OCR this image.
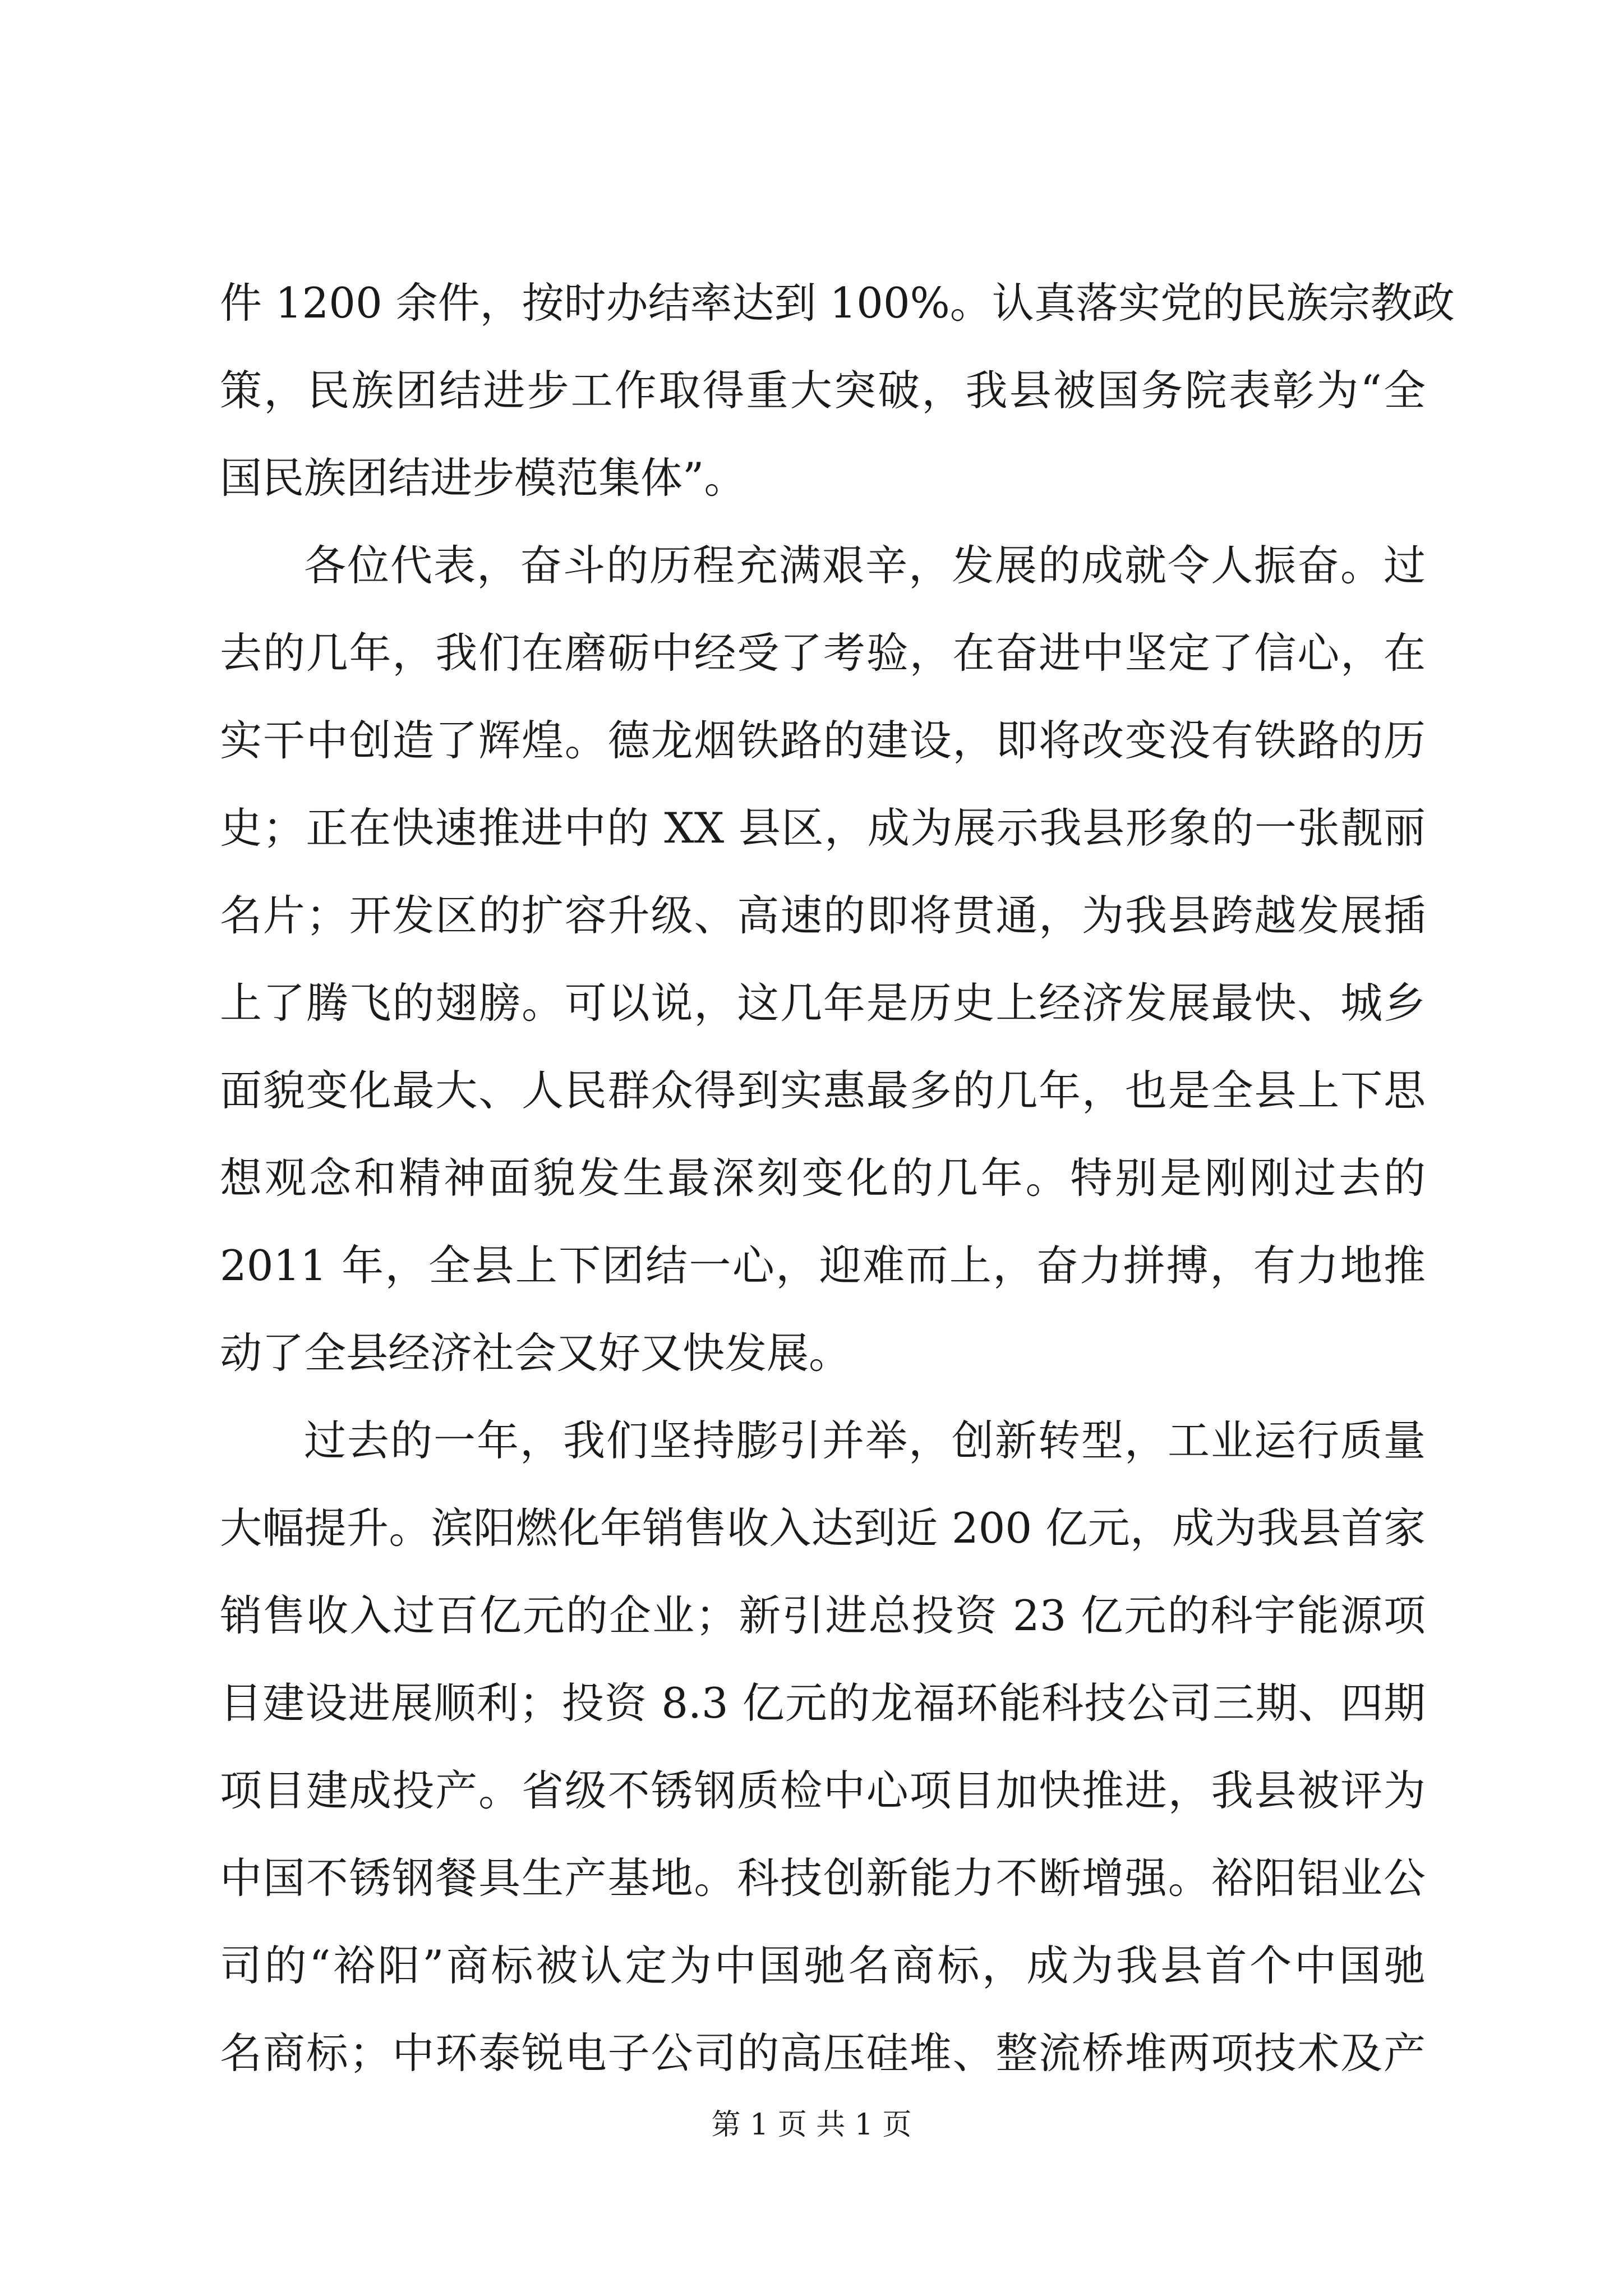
件 1200 余件，按时办结率达到 100%。认真落实党的民族宗教政
策，民族团结进步工作取得重大突破，我县被国务院表彰为“全
国民族团结进步模范集体”。
各位代表，奋斗的历程充满艰辛，发展的成就令人振奋。过
去的几年，我们在磨砺中经受了考验，在奋进中坚定了信心，在
实干中创造了辉煌。德龙烟铁路的建设，即将改变没有铁路的历
史；正在快速推进中的 XX 县区，成为展示我县形象的一张靓丽
名片；开发区的扩容升级、高速的即将贯通，为我县跨越发展插
上了腾飞的翅膀。可以说，这几年是历史上经济发展最快、城乡
面貌变化最大、人民群众得到实惠最多的几年，也是全县上下思
想观念和精神面貌发生最深刻变化的几年。特别是刚刚过去的
2011 年，全县上下团结一心，迎难而上，奋力拼搏，有力地推
动了全县经济社会又好又快发展。
过去的一年，我们坚持膨引并举，创新转型，工业运行质量
大幅提升。滨阳燃化年销售收入达到近 200 亿元，成为我县首家
销售收入过百亿元的企业；新引进总投资 23 亿元的科宇能源项
目建设进展顺利；投资 8.3 亿元的龙福环能科技公司三期、四期
项目建成投产。省级不锈钢质检中心项目加快推进，我县被评为
中国不锈钢餐具生产基地。科技创新能力不断增强。裕阳铝业公
司的“裕阳”商标被认定为中国驰名商标，成为我县首个中国驰
名商标；中环泰锐电子公司的高压硅堆、整流桥堆两项技术及产
第 1 页 共 1 页
